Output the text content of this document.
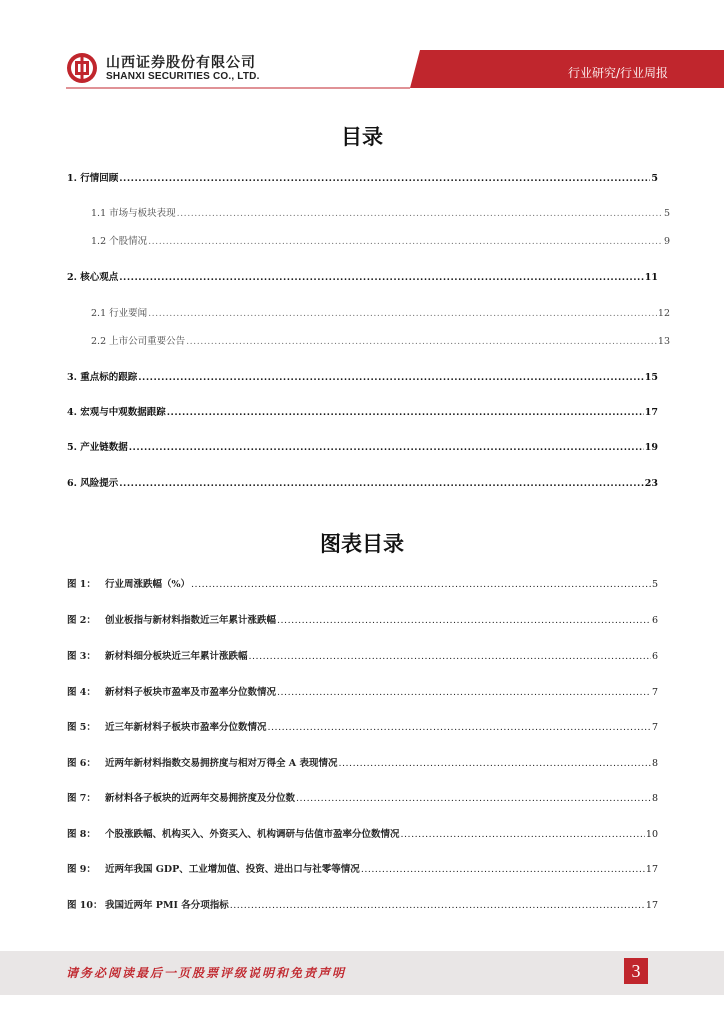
山西证券股份有限公司
SHANXI SECURITIES CO., LTD.	行业研究/行业周报
目录
1. 行情回顾 .....	5
1.1 市场与板块表现 .....	5
1.2 个股情况 .....	9
2. 核心观点 .....	11
2.1 行业要闻 .....	12
2.2 上市公司重要公告 .....	13
3. 重点标的跟踪 .....	15
4. 宏观与中观数据跟踪 .....	17
5. 产业链数据 .....	19
6. 风险提示 .....	23
图表目录
图 1： 行业周涨跌幅（%） .....	5
图 2： 创业板指与新材料指数近三年累计涨跌幅 .....	6
图 3： 新材料细分板块近三年累计涨跌幅 .....	6
图 4： 新材料子板块市盈率及市盈率分位数情况 .....	7
图 5： 近三年新材料子板块市盈率分位数情况 .....	7
图 6： 近两年新材料指数交易拥挤度与相对万得全 A 表现情况 .....	8
图 7： 新材料各子板块的近两年交易拥挤度及分位数 .....	8
图 8： 个股涨跌幅、机构买入、外资买入、机构调研与估值市盈率分位数情况 .....	10
图 9： 近两年我国 GDP、工业增加值、投资、进出口与社零等情况 .....	17
图 10： 我国近两年 PMI 各分项指标 .....	17
请务必阅读最后一页股票评级说明和免责声明	3
